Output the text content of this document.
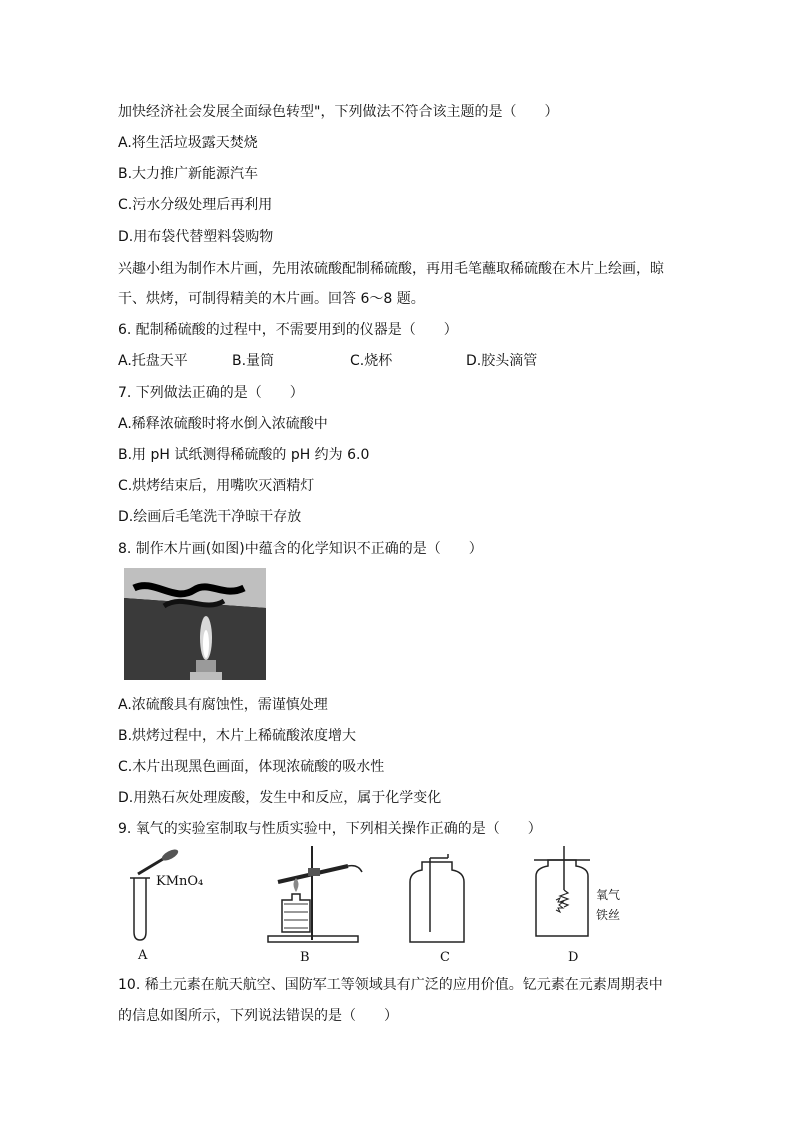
加快经济社会发展全面绿色转型"，下列做法不符合该主题的是（　　）
A.将生活垃圾露天焚烧
B.大力推广新能源汽车
C.污水分级处理后再利用
D.用布袋代替塑料袋购物
兴趣小组为制作木片画，先用浓硫酸配制稀硫酸，再用毛笔蘸取稀硫酸在木片上绘画，晾
干、烘烤，可制得精美的木片画。回答 6～8 题。
6. 配制稀硫酸的过程中，不需要用到的仪器是（　　）
A.托盘天平	B.量筒	C.烧杯	D.胶头滴管
7. 下列做法正确的是（　　）
A.稀释浓硫酸时将水倒入浓硫酸中
B.用 pH 试纸测得稀硫酸的 pH 约为 6.0
C.烘烤结束后，用嘴吹灭酒精灯
D.绘画后毛笔洗干净晾干存放
8. 制作木片画(如图)中蕴含的化学知识不正确的是（　　）
A.浓硫酸具有腐蚀性，需谨慎处理
B.烘烤过程中，木片上稀硫酸浓度增大
C.木片出现黑色画面，体现浓硫酸的吸水性
D.用熟石灰处理废酸，发生中和反应，属于化学变化
9. 氧气的实验室制取与性质实验中，下列相关操作正确的是（　　）
KMnO₄
A	B	C
氧气
铁丝
D
10. 稀土元素在航天航空、国防军工等领域具有广泛的应用价值。钇元素在元素周期表中
的信息如图所示，下列说法错误的是（　　）
